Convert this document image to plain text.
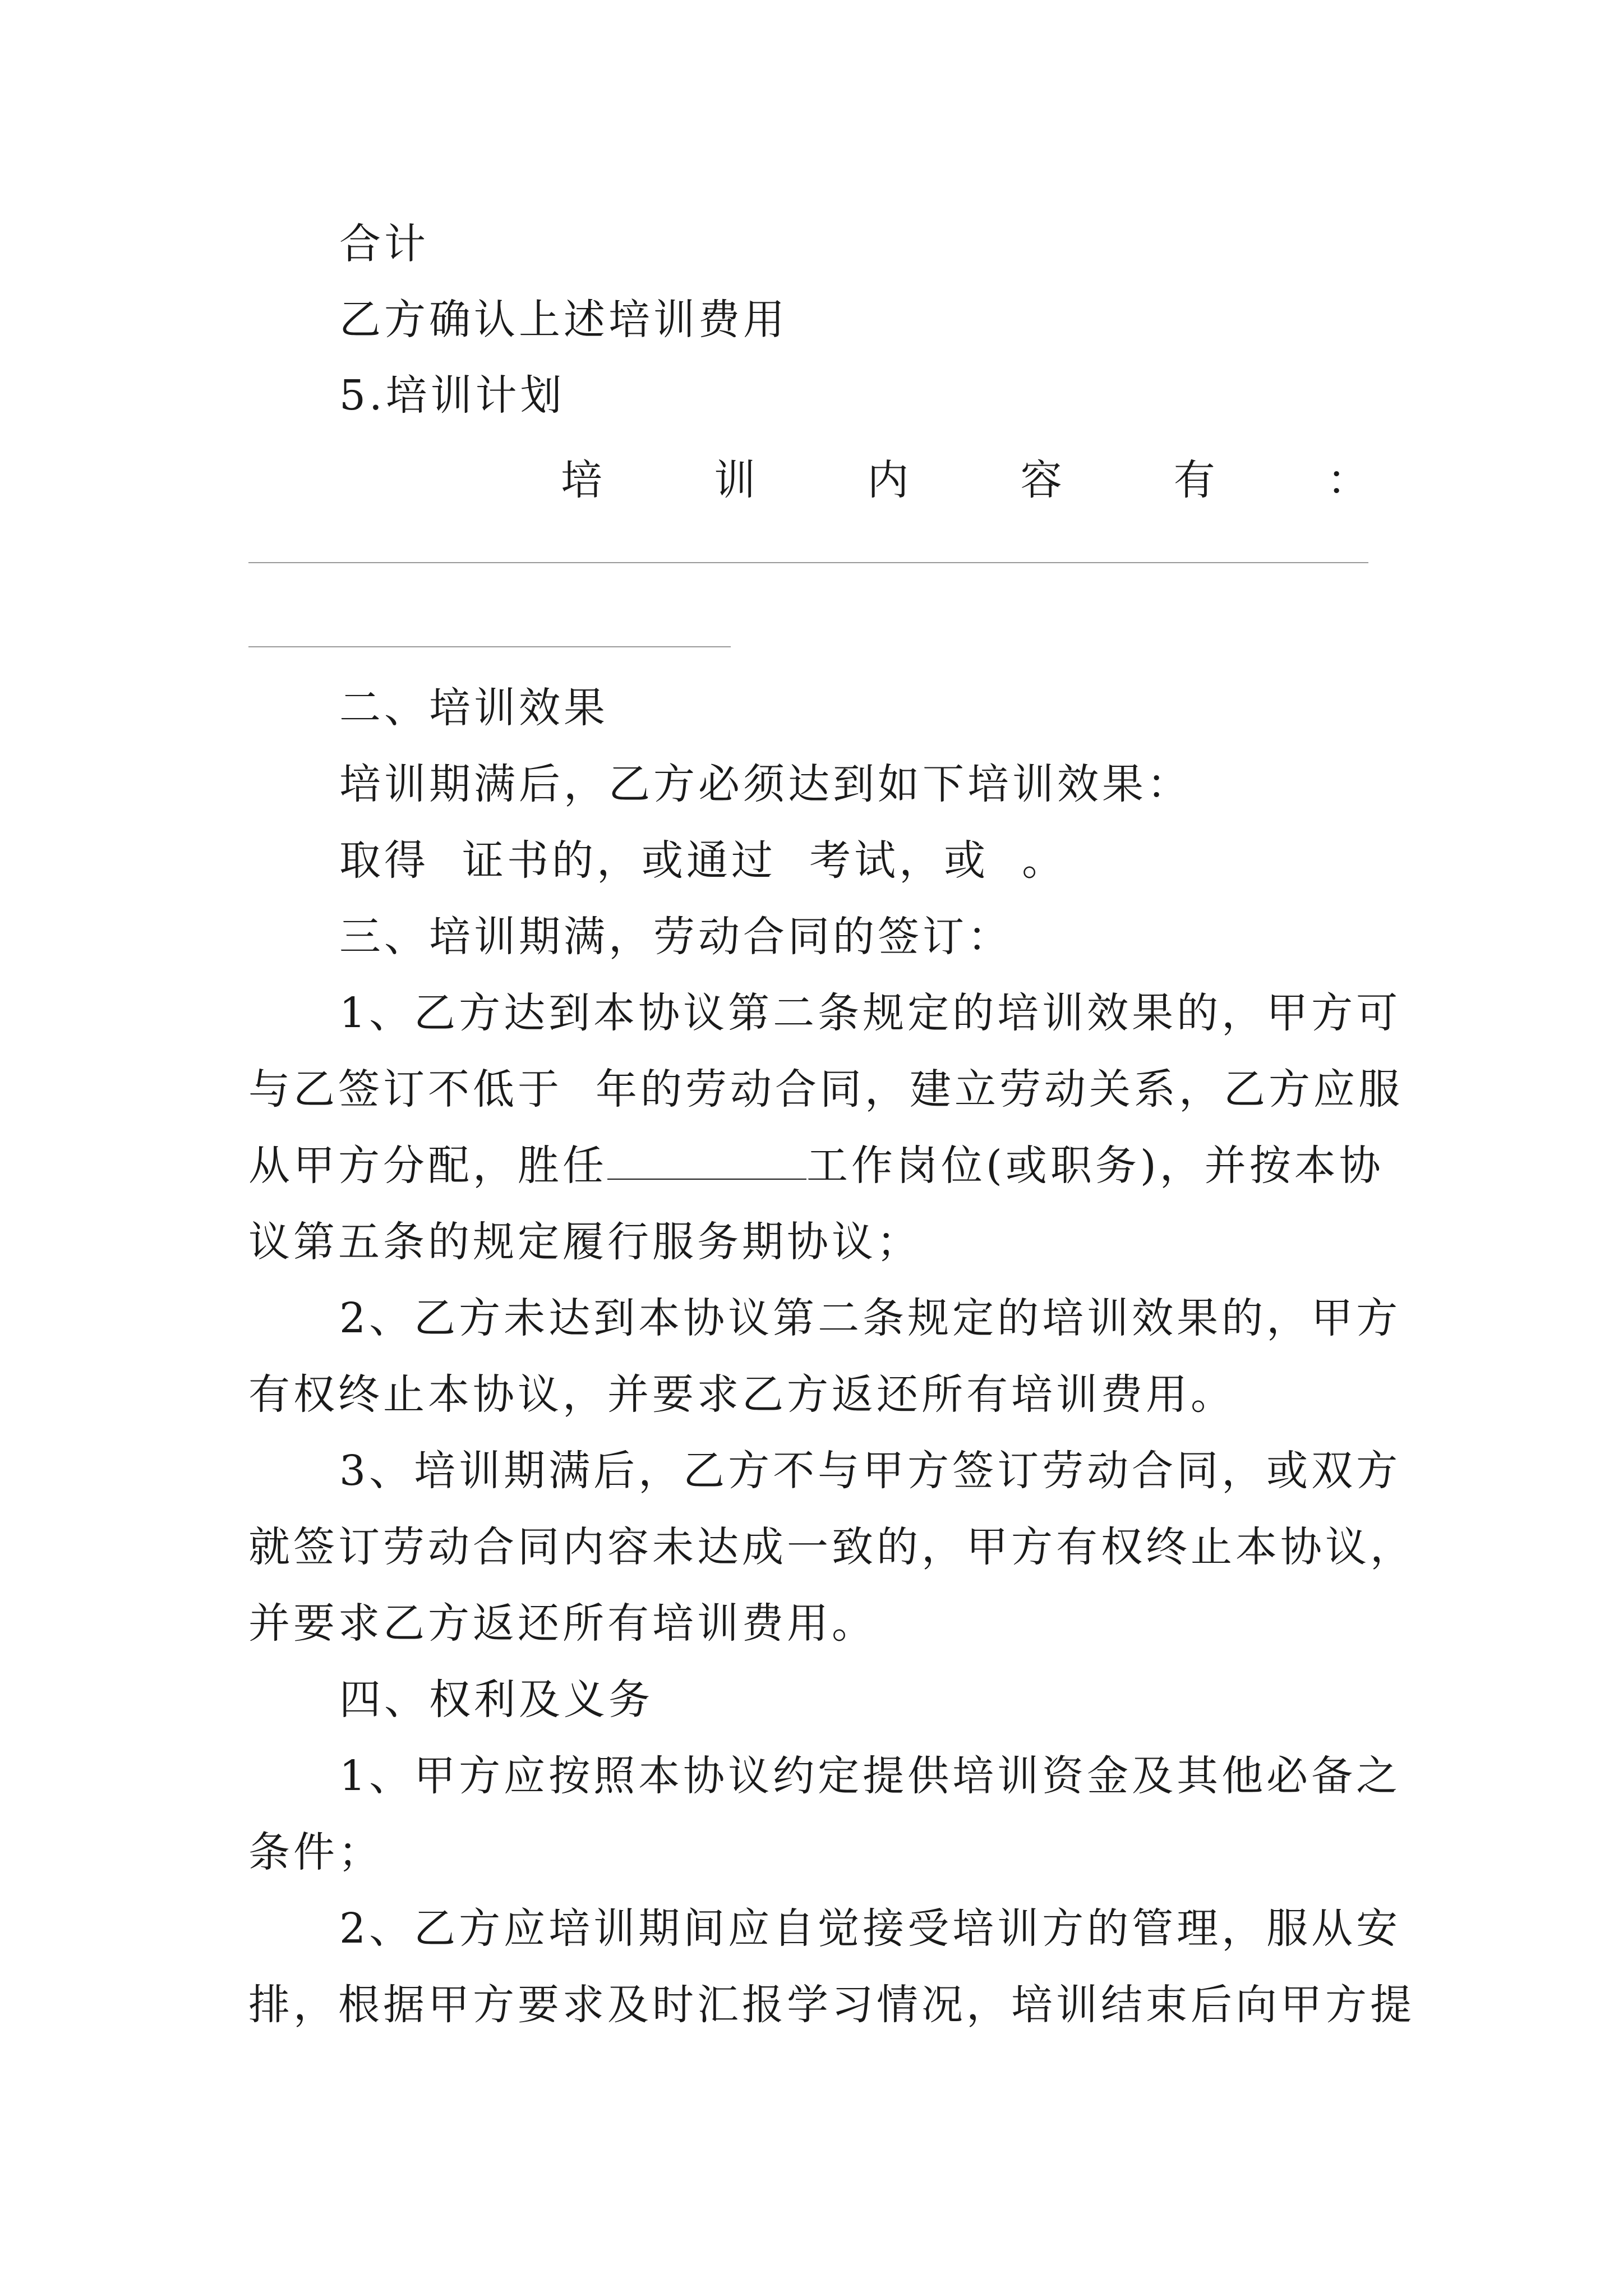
合计
乙方确认上述培训费用
5.培训计划
培	训	内	容	有	：
二、培训效果
培训期满后，乙方必须达到如下培训效果：
取得  证书的，或通过  考试，或  。
三、培训期满，劳动合同的签订：
1、乙方达到本协议第二条规定的培训效果的，甲方可
与乙签订不低于  年的劳动合同，建立劳动关系，乙方应服
从甲方分配，胜任	工作岗位(或职务)，并按本协
议第五条的规定履行服务期协议；
2、乙方未达到本协议第二条规定的培训效果的，甲方
有权终止本协议，并要求乙方返还所有培训费用。
3、培训期满后，乙方不与甲方签订劳动合同，或双方
就签订劳动合同内容未达成一致的，甲方有权终止本协议，
并要求乙方返还所有培训费用。
四、权利及义务
1、甲方应按照本协议约定提供培训资金及其他必备之
条件；
2、乙方应培训期间应自觉接受培训方的管理，服从安
排，根据甲方要求及时汇报学习情况，培训结束后向甲方提
